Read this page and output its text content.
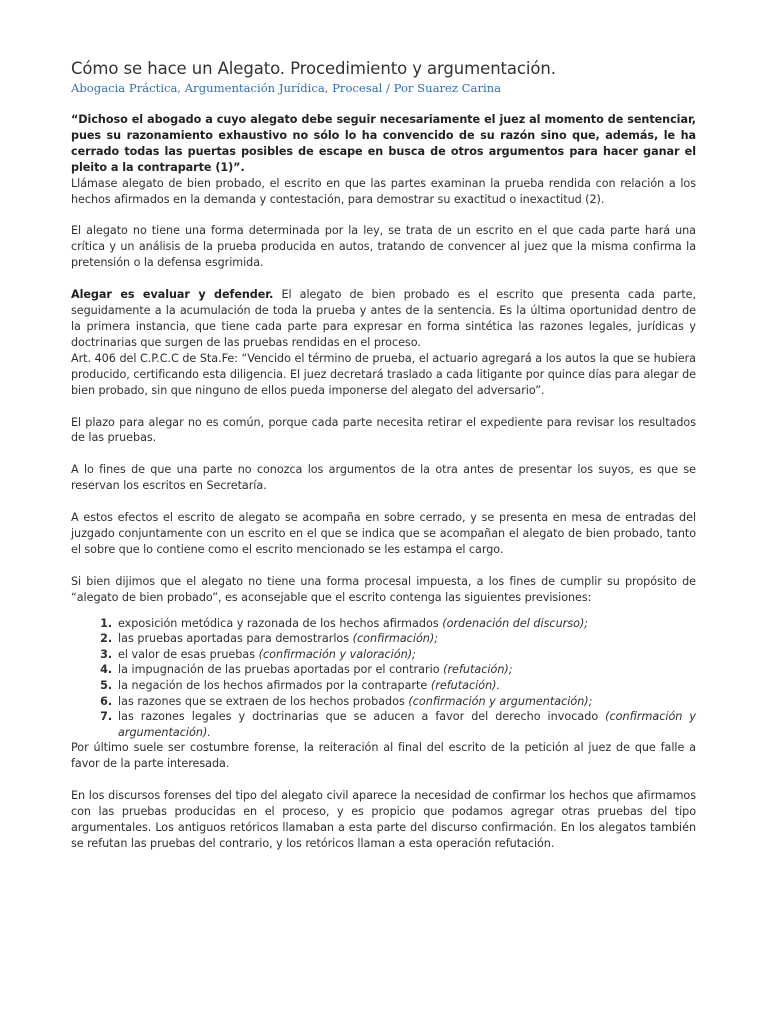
Cómo se hace un Alegato. Procedimiento y argumentación.
Abogacia Práctica, Argumentación Jurídica, Procesal / Por Suarez Carina

“Dichoso el abogado a cuyo alegato debe seguir necesariamente el juez al momento de sentenciar, pues su razonamiento exhaustivo no sólo lo ha convencido de su razón sino que, además, le ha cerrado todas las puertas posibles de escape en busca de otros argumentos para hacer ganar el pleito a la contraparte (1)”.

Llámase alegato de bien probado, el escrito en que las partes examinan la prueba rendida con relación a los hechos afirmados en la demanda y contestación, para demostrar su exactitud o inexactitud (2).

El alegato no tiene una forma determinada por la ley, se trata de un escrito en el que cada parte hará una crítica y un análisis de la prueba producida en autos, tratando de convencer al juez que la misma confirma la pretensión o la defensa esgrimida.

Alegar es evaluar y defender. El alegato de bien probado es el escrito que presenta cada parte, seguidamente a la acumulación de toda la prueba y antes de la sentencia. Es la última oportunidad dentro de la primera instancia, que tiene cada parte para expresar en forma sintética las razones legales, jurídicas y doctrinarias que surgen de las pruebas rendidas en el proceso.

Art. 406 del C.P.C.C de Sta.Fe: “Vencido el término de prueba, el actuario agregará a los autos la que se hubiera producido, certificando esta diligencia. El juez decretará traslado a cada litigante por quince días para alegar de bien probado, sin que ninguno de ellos pueda imponerse del alegato del adversario”.

El plazo para alegar no es común, porque cada parte necesita retirar el expediente para revisar los resultados de las pruebas.

A lo fines de que una parte no conozca los argumentos de la otra antes de presentar los suyos, es que se reservan los escritos en Secretaría.

A estos efectos el escrito de alegato se acompaña en sobre cerrado, y se presenta en mesa de entradas del juzgado conjuntamente con un escrito en el que se indica que se acompañan el alegato de bien probado, tanto el sobre que lo contiene como el escrito mencionado se les estampa el cargo.

Si bien dijimos que el alegato no tiene una forma procesal impuesta, a los fines de cumplir su propósito de “alegato de bien probado”, es aconsejable que el escrito contenga las siguientes previsiones:

1. exposición metódica y razonada de los hechos afirmados (ordenación del discurso);
2. las pruebas aportadas para demostrarlos (confirmación);
3. el valor de esas pruebas (confirmación y valoración);
4. la impugnación de las pruebas aportadas por el contrario (refutación);
5. la negación de los hechos afirmados por la contraparte (refutación).
6. las razones que se extraen de los hechos probados (confirmación y argumentación);
7. las razones legales y doctrinarias que se aducen a favor del derecho invocado (confirmación y argumentación).

Por último suele ser costumbre forense, la reiteración al final del escrito de la petición al juez de que falle a favor de la parte interesada.

En los discursos forenses del tipo del alegato civil aparece la necesidad de confirmar los hechos que afirmamos con las pruebas producidas en el proceso, y es propicio que podamos agregar otras pruebas del tipo argumentales. Los antiguos retóricos llamaban a esta parte del discurso confirmación. En los alegatos también se refutan las pruebas del contrario, y los retóricos llaman a esta operación refutación.
